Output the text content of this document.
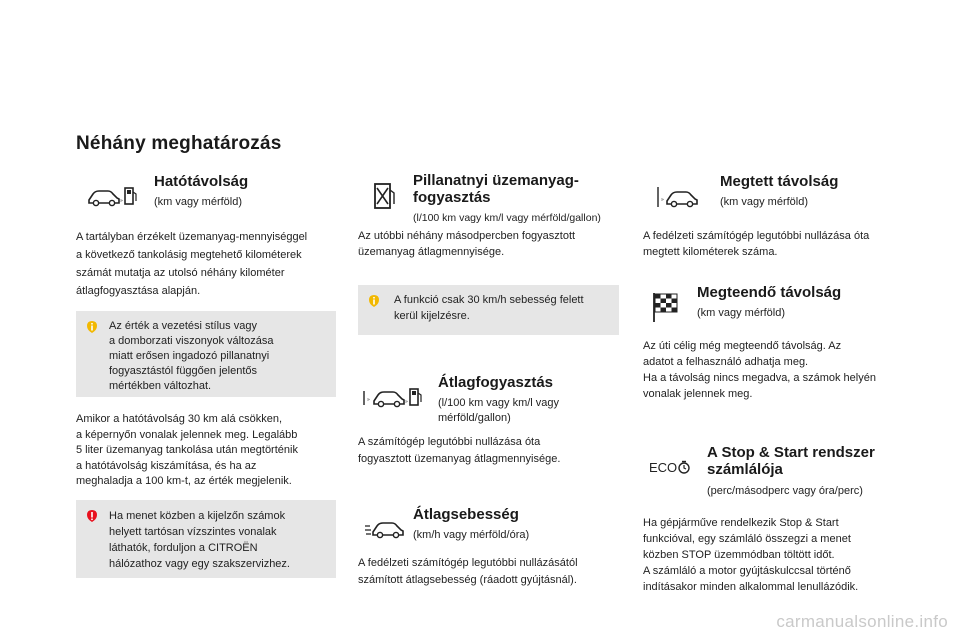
Néhány meghatározás
»
Hatótávolság
(km vagy mérföld)
A tartályban érzékelt üzemanyag-mennyiséggel
a következő tankolásig megtehető kilométerek
számát mutatja az utolsó néhány kilométer
átlagfogyasztása alapján.
Az érték a vezetési stílus vagy
a domborzati viszonyok változása
miatt erősen ingadozó pillanatnyi
fogyasztástól függően jelentős
mértékben változhat.
Amikor a hatótávolság 30 km alá csökken,
a képernyőn vonalak jelennek meg. Legalább
5 liter üzemanyag tankolása után megtörténik
a hatótávolság kiszámítása, és ha az
meghaladja a 100 km-t, az érték megjelenik.
Ha menet közben a kijelzőn számok
helyett tartósan vízszintes vonalak
láthatók, forduljon a CITROËN
hálózathoz vagy egy szakszervizhez.
Pillanatnyi üzemanyag-
fogyasztás
(l/100 km vagy km/l vagy mérföld/gallon)
Az utóbbi néhány másodpercben fogyasztott
üzemanyag átlagmennyisége.
A funkció csak 30 km/h sebesség felett
kerül kijelzésre.
»	»
Átlagfogyasztás
(l/100 km vagy km/l vagy
mérföld/gallon)
A számítógép legutóbbi nullázása óta
fogyasztott üzemanyag átlagmennyisége.
Átlagsebesség
(km/h vagy mérföld/óra)
A fedélzeti számítógép legutóbbi nullázásától
számított átlagsebesség (ráadott gyújtásnál).
»
Megtett távolság
(km vagy mérföld)
A fedélzeti számítógép legutóbbi nullázása óta
megtett kilométerek száma.
Megteendő távolság
(km vagy mérföld)
Az úti célig még megteendő távolság. Az
adatot a felhasználó adhatja meg.
Ha a távolság nincs megadva, a számok helyén
vonalak jelennek meg.
ECO
A Stop & Start rendszer
számlálója
(perc/másodperc vagy óra/perc)
Ha gépjárműve rendelkezik Stop & Start
funkcióval, egy számláló összegzi a menet
közben STOP üzemmódban töltött időt.
A számláló a motor gyújtáskulccsal történő
indításakor minden alkalommal lenullázódik.
carmanualsonline.info
